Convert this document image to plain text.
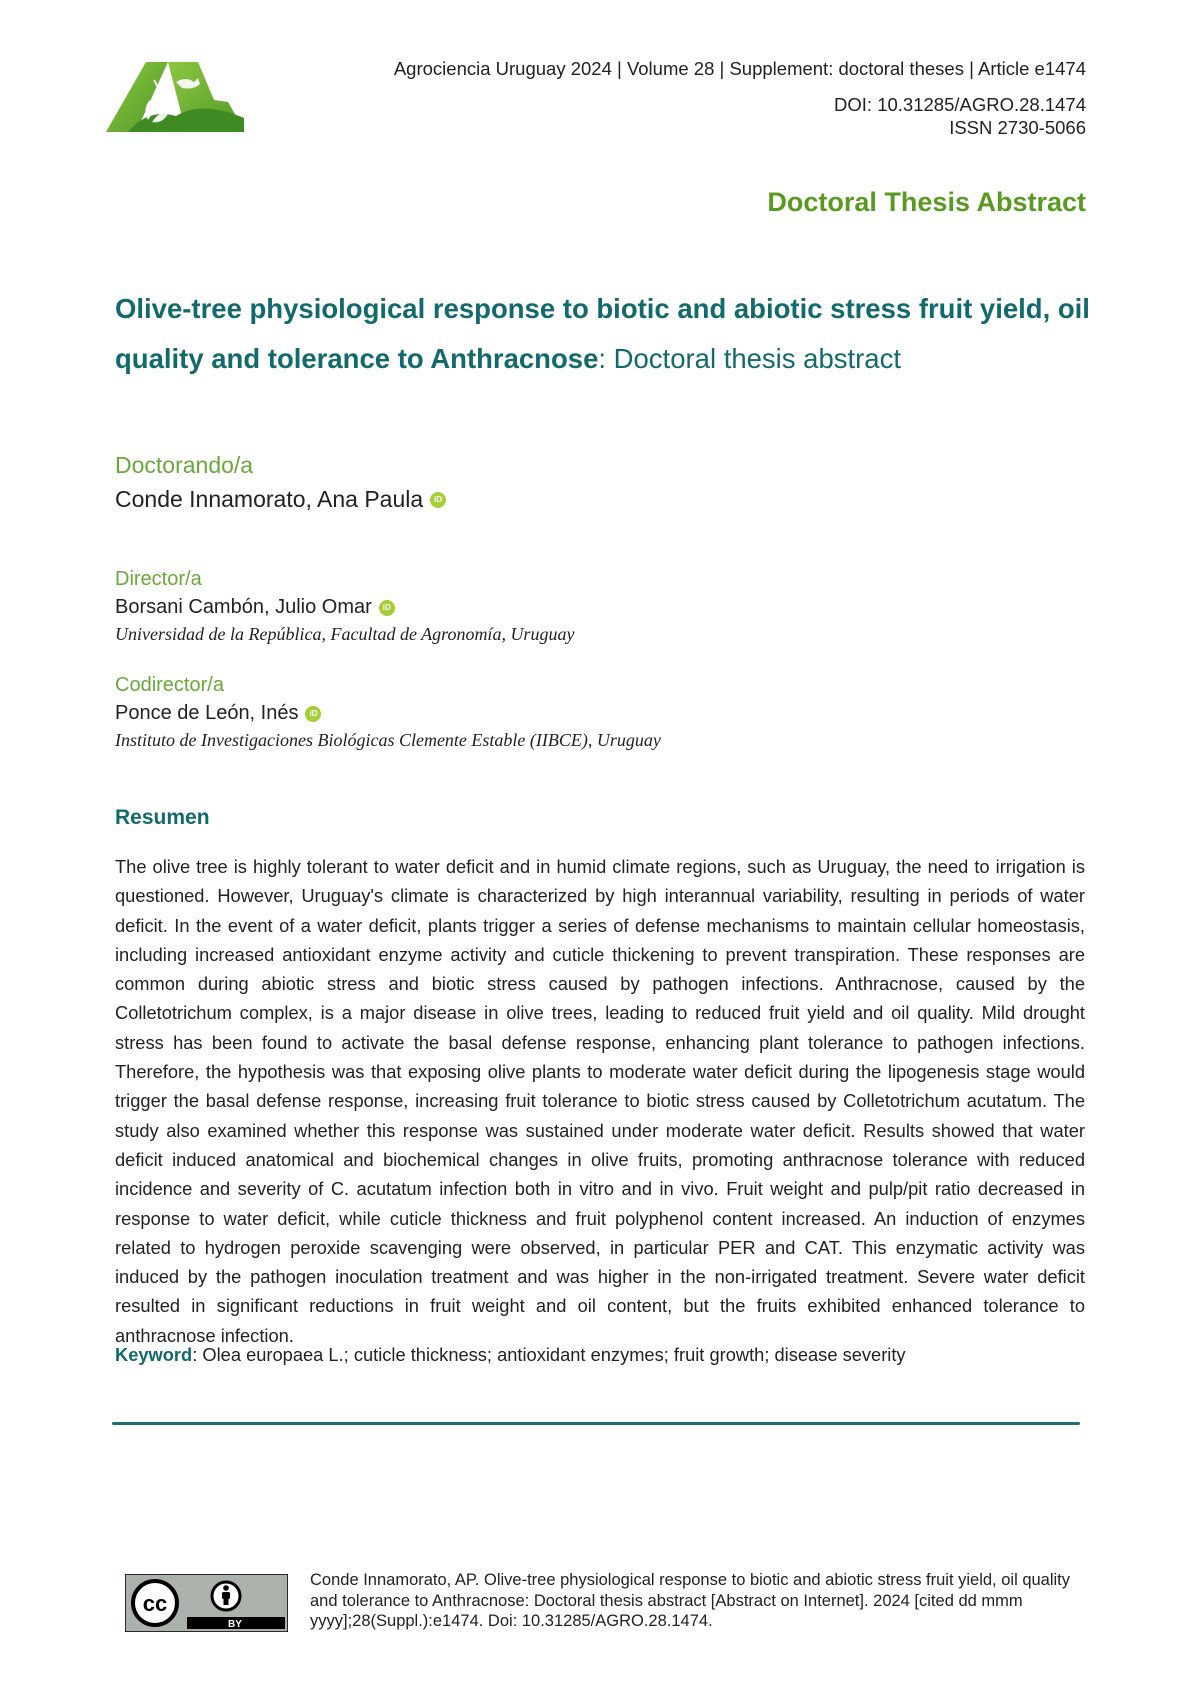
Agrociencia Uruguay 2024 | Volume 28 | Supplement: doctoral theses | Article e1474
DOI: 10.31285/AGRO.28.1474
ISSN 2730-5066
Doctoral Thesis Abstract
Olive-tree physiological response to biotic and abiotic stress fruit yield, oil quality and tolerance to Anthracnose: Doctoral thesis abstract
Doctorando/a
Conde Innamorato, Ana Paula	iD
Director/a
Borsani Cambón, Julio Omar	iD
Universidad de la República, Facultad de Agronomía, Uruguay
Codirector/a
Ponce de León, Inés	iD
Instituto de Investigaciones Biológicas Clemente Estable (IIBCE), Uruguay
Resumen
The olive tree is highly tolerant to water deficit and in humid climate regions, such as Uruguay, the need to irrigation is questioned. However, Uruguay's climate is characterized by high interannual variability, resulting in periods of water deficit. In the event of a water deficit, plants trigger a series of defense mechanisms to maintain cellular homeostasis, including increased antioxidant enzyme activity and cuticle thickening to prevent transpiration. These responses are common during abiotic stress and biotic stress caused by pathogen infections. Anthracnose, caused by the Colletotrichum complex, is a major disease in olive trees, leading to reduced fruit yield and oil quality. Mild drought stress has been found to activate the basal defense response, enhancing plant tolerance to pathogen infections. Therefore, the hypothesis was that exposing olive plants to moderate water deficit during the lipogenesis stage would trigger the basal defense response, increasing fruit tolerance to biotic stress caused by Colletotrichum acutatum. The study also examined whether this response was sustained under moderate water deficit. Results showed that water deficit induced anatomical and biochemical changes in olive fruits, promoting anthracnose tolerance with reduced incidence and severity of C. acutatum infection both in vitro and in vivo. Fruit weight and pulp/pit ratio decreased in response to water deficit, while cuticle thickness and fruit polyphenol content increased. An induction of enzymes related to hydrogen peroxide scavenging were observed, in particular PER and CAT. This enzymatic activity was induced by the pathogen inoculation treatment and was higher in the non-irrigated treatment. Severe water deficit resulted in significant reductions in fruit weight and oil content, but the fruits exhibited enhanced tolerance to anthracnose infection.
Keyword: Olea europaea L.; cuticle thickness; antioxidant enzymes; fruit growth; disease severity
cc
BY
Conde Innamorato, AP. Olive-tree physiological response to biotic and abiotic stress fruit yield, oil quality and tolerance to Anthracnose: Doctoral thesis abstract [Abstract on Internet]. 2024 [cited dd mmm yyyy];28(Suppl.):e1474. Doi: 10.31285/AGRO.28.1474.
